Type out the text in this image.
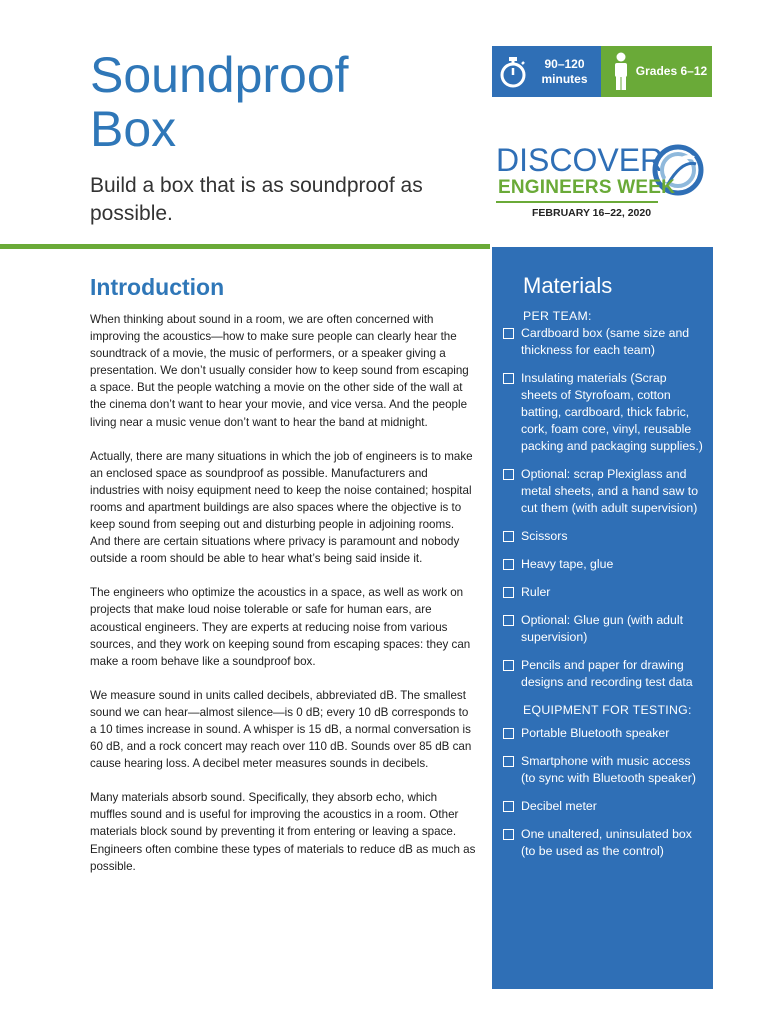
Soundproof
Box
Build a box that is as soundproof as possible.
90–120 minutes
Grades 6–12
DISCOVER
ENGINEERS WEEK
FEBRUARY 16–22, 2020
Introduction

When thinking about sound in a room, we are often concerned with improving the acoustics—how to make sure people can clearly hear the soundtrack of a movie, the music of performers, or a speaker giving a presentation. We don’t usually consider how to keep sound from escaping a space. But the people watching a movie on the other side of the wall at the cinema don’t want to hear your movie, and vice versa. And the people living near a music venue don’t want to hear the band at midnight.

Actually, there are many situations in which the job of engineers is to make an enclosed space as soundproof as possible. Manufacturers and industries with noisy equipment need to keep the noise contained; hospital rooms and apartment buildings are also spaces where the objective is to keep sound from seeping out and disturbing people in adjoining rooms. And there are certain situations where privacy is paramount and nobody outside a room should be able to hear what’s being said inside it.

The engineers who optimize the acoustics in a space, as well as work on projects that make loud noise tolerable or safe for human ears, are acoustical engineers. They are experts at reducing noise from various sources, and they work on keeping sound from escaping spaces: they can make a room behave like a soundproof box.

We measure sound in units called decibels, abbreviated dB. The smallest sound we can hear—almost silence—is 0 dB; every 10 dB corresponds to a 10 times increase in sound. A whisper is 15 dB, a normal conversation is 60 dB, and a rock concert may reach over 110 dB. Sounds over 85 dB can cause hearing loss. A decibel meter measures sounds in decibels.

Many materials absorb sound. Specifically, they absorb echo, which muffles sound and is useful for improving the acoustics in a room. Other materials block sound by preventing it from entering or leaving a space. Engineers often combine these types of materials to reduce dB as much as possible.

Materials
PER TEAM:
Cardboard box (same size and thickness for each team)
Insulating materials (Scrap sheets of Styrofoam, cotton batting, cardboard, thick fabric, cork, foam core, vinyl, reusable packing and packaging supplies.)
Optional: scrap Plexiglass and metal sheets, and a hand saw to cut them (with adult supervision)
Scissors
Heavy tape, glue
Ruler
Optional: Glue gun (with adult supervision)
Pencils and paper for drawing designs and recording test data
EQUIPMENT FOR TESTING:
Portable Bluetooth speaker
Smartphone with music access (to sync with Bluetooth speaker)
Decibel meter
One unaltered, uninsulated box (to be used as the control)
